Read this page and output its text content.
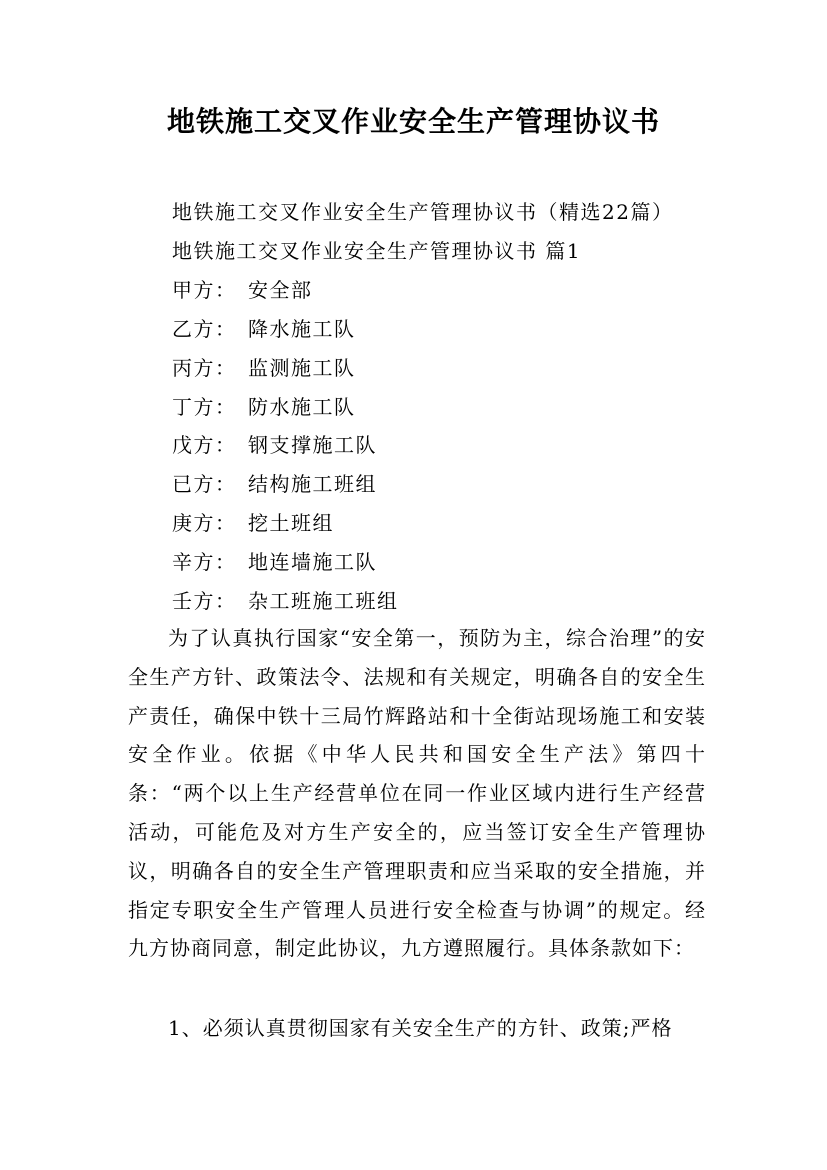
地铁施工交叉作业安全生产管理协议书
地铁施工交叉作业安全生产管理协议书（精选22篇）
地铁施工交叉作业安全生产管理协议书 篇1
甲方： 安全部
乙方： 降水施工队
丙方： 监测施工队
丁方： 防水施工队
戊方： 钢支撑施工队
已方： 结构施工班组
庚方： 挖土班组
辛方： 地连墙施工队
壬方： 杂工班施工班组
为了认真执行国家“安全第一，预防为主，综合治理”的安全生产方针、政策法令、法规和有关规定，明确各自的安全生产责任，确保中铁十三局竹辉路站和十全街站现场施工和安装安全作业。依据《中华人民共和国安全生产法》第四十条：“两个以上生产经营单位在同一作业区域内进行生产经营活动，可能危及对方生产安全的，应当签订安全生产管理协议，明确各自的安全生产管理职责和应当采取的安全措施，并指定专职安全生产管理人员进行安全检查与协调”的规定。经九方协商同意，制定此协议，九方遵照履行。具体条款如下：
1、必须认真贯彻国家有关安全生产的方针、政策;严格
